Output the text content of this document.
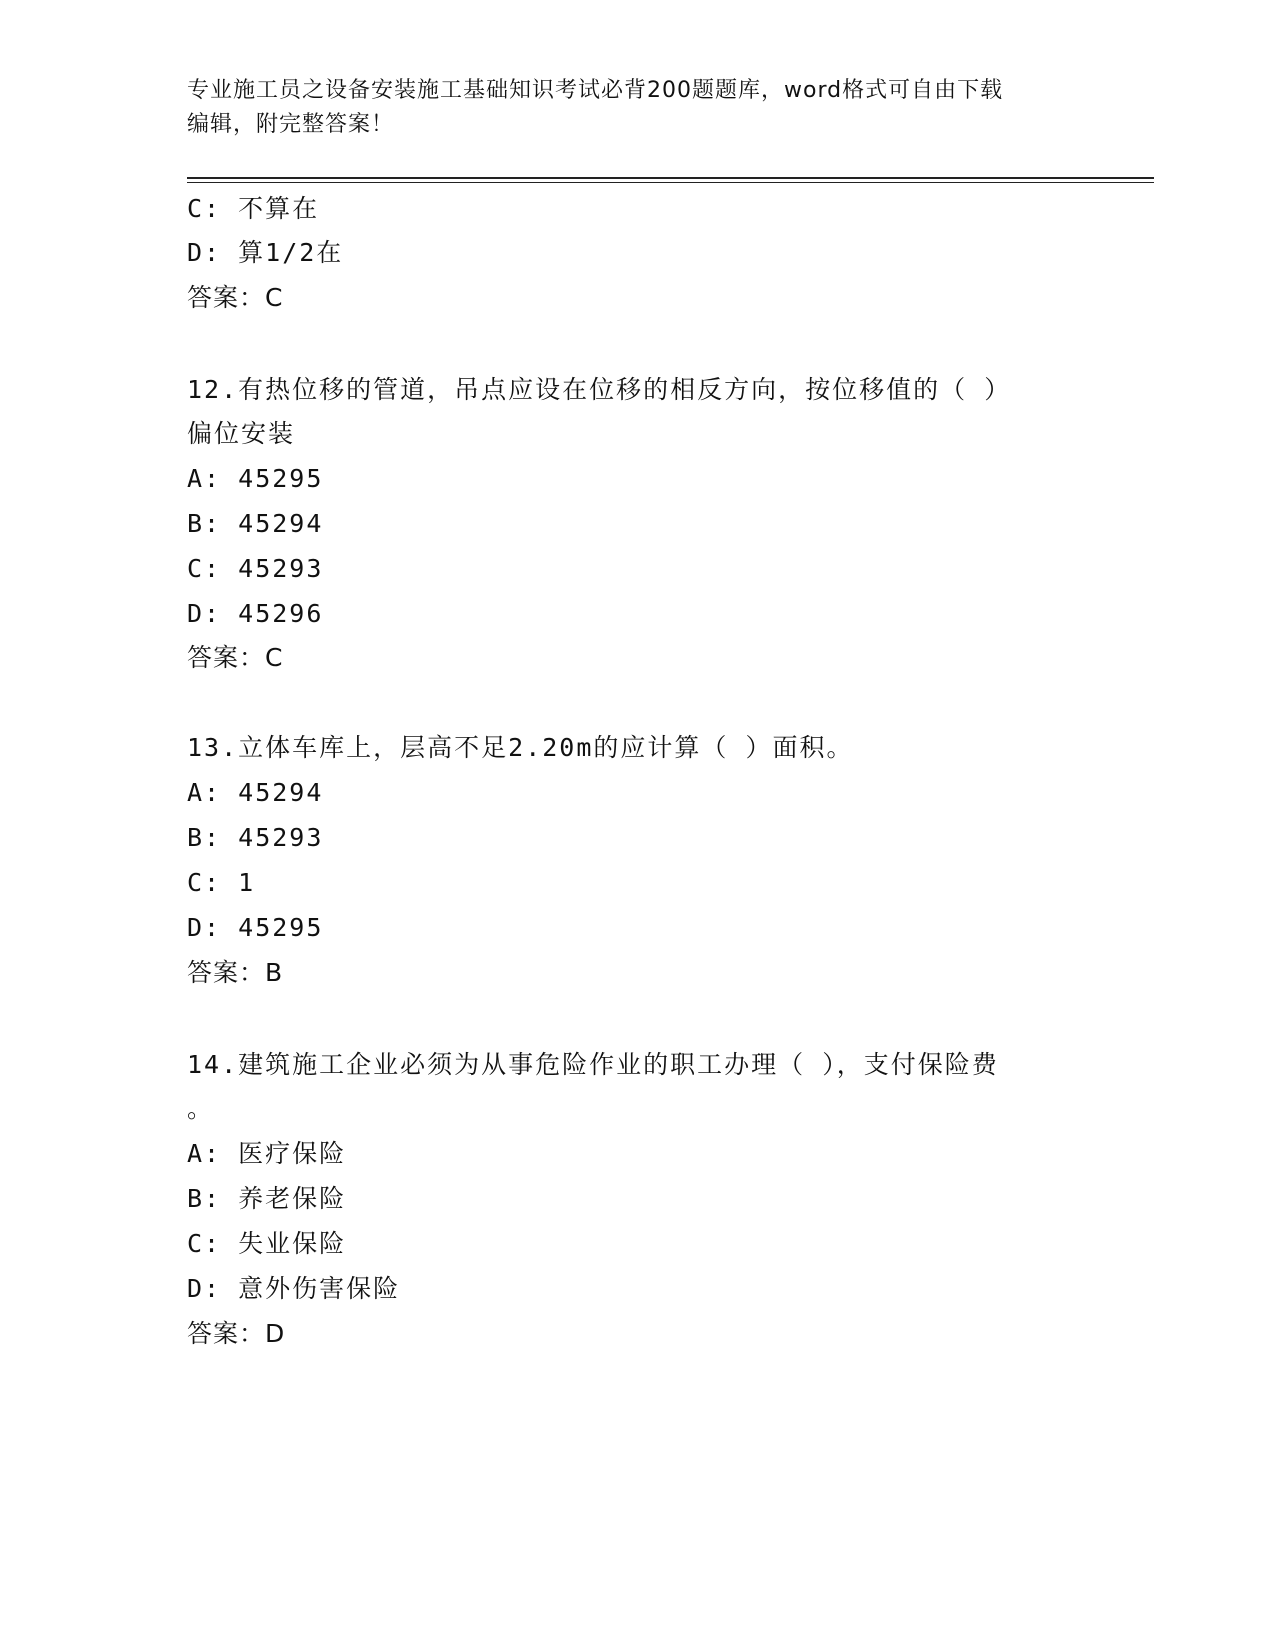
专业施工员之设备安装施工基础知识考试必背200题题库，word格式可自由下载
编辑，附完整答案！
C: 不算在
D: 算1/2在
答案：C
12.有热位移的管道，吊点应设在位移的相反方向，按位移值的（ ）
偏位安装
A: 45295
B: 45294
C: 45293
D: 45296
答案：C
13.立体车库上，层高不足2.20m的应计算（ ）面积。
A: 45294
B: 45293
C: 1
D: 45295
答案：B
14.建筑施工企业必须为从事危险作业的职工办理（ ），支付保险费
。
A: 医疗保险
B: 养老保险
C: 失业保险
D: 意外伤害保险
答案：D
